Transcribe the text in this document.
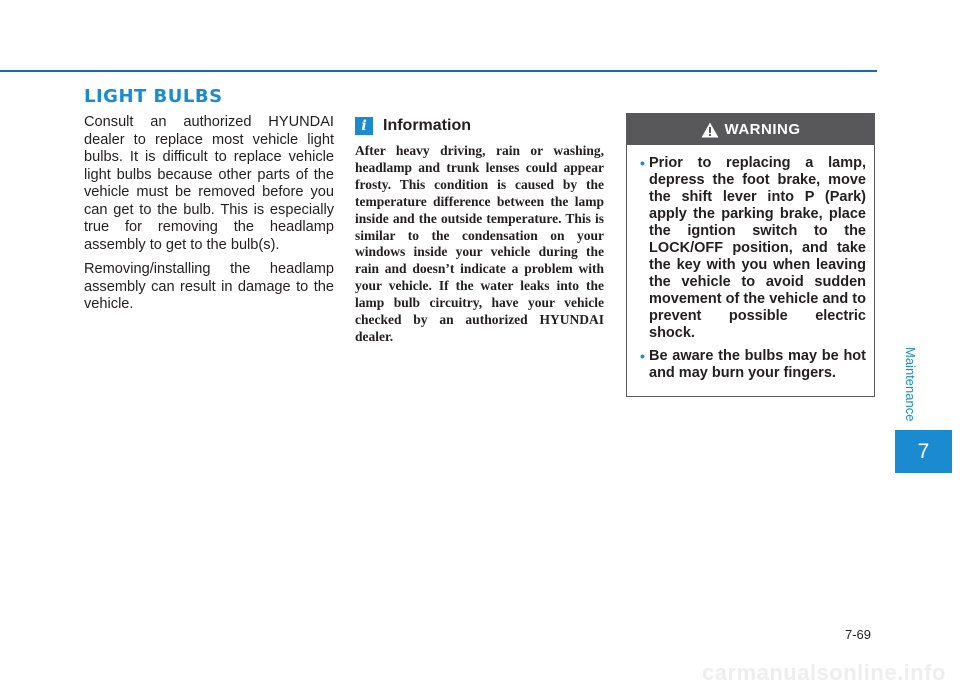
LIGHT BULBS

Consult an authorized HYUNDAI dealer to replace most vehicle light bulbs. It is difficult to replace vehicle light bulbs because other parts of the vehicle must be removed before you can get to the bulb. This is especially true for removing the headlamp assembly to get to the bulb(s).

Removing/installing the headlamp assembly can result in damage to the vehicle.

i	Information

After heavy driving, rain or washing, headlamp and trunk lenses could appear frosty. This condition is caused by the temperature difference between the lamp inside and the outside temperature. This is similar to the condensation on your windows inside your vehicle during the rain and doesn’t indicate a problem with your vehicle. If the water leaks into the lamp bulb circuitry, have your vehicle checked by an authorized HYUNDAI dealer.

WARNING
• Prior to replacing a lamp, depress the foot brake, move the shift lever into P (Park) apply the parking brake, place the igntion switch to the LOCK/OFF position, and take the key with you when leaving the vehicle to avoid sudden movement of the vehicle and to prevent possible electric shock.
• Be aware the bulbs may be hot and may burn your fingers.	Maintenance
7
7-69
carmanualsonline.info
